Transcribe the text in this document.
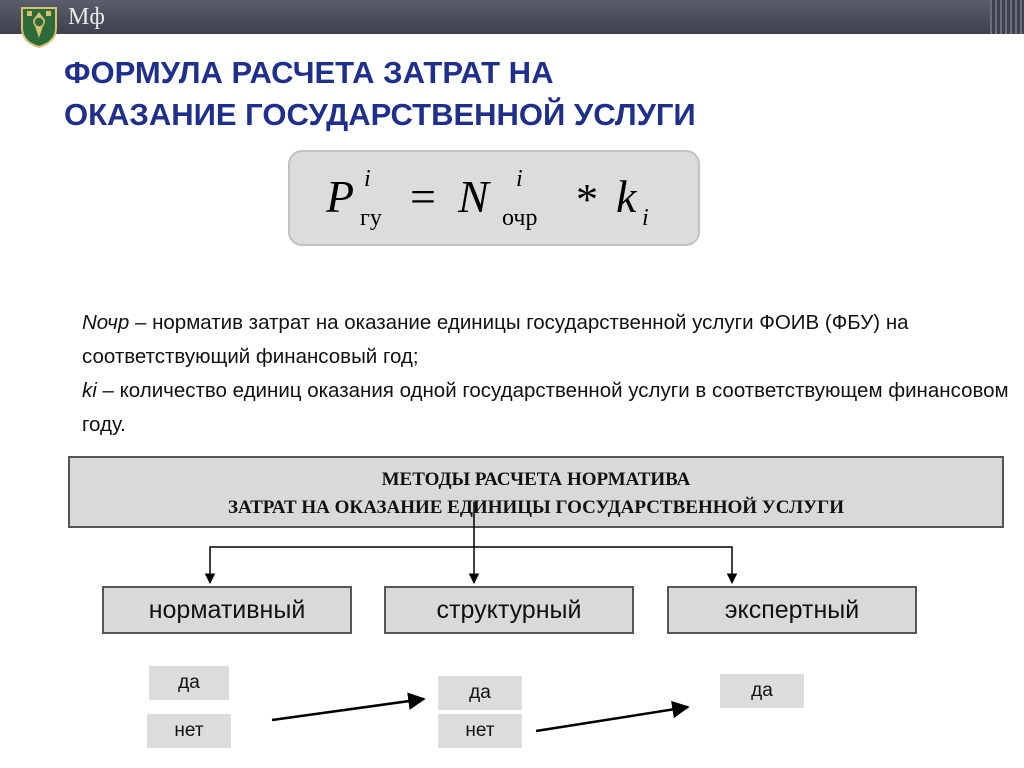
Мф
ФОРМУЛА РАСЧЕТА ЗАТРАТ НА
ОКАЗАНИЕ ГОСУДАРСТВЕННОЙ УСЛУГИ
P i
гу = N i
очр * k i

Nочр – норматив затрат на оказание единицы государственной услуги ФОИВ (ФБУ) на соответствующий финансовый год;

ki – количество единиц оказания одной государственной услуги в соответствующем финансовом году.

МЕТОДЫ РАСЧЕТА НОРМАТИВА
ЗАТРАТ НА ОКАЗАНИЕ ЕДИНИЦЫ ГОСУДАРСТВЕННОЙ УСЛУГИ
нормативный	структурный	экспертный
да
нет
да
нет
да
